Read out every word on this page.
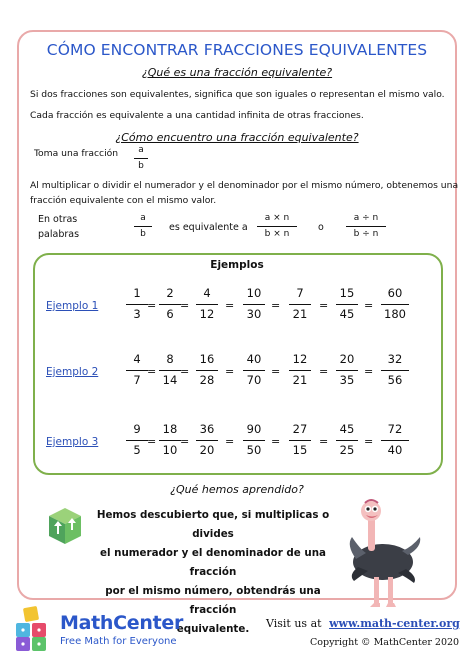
CÓMO ENCONTRAR FRACCIONES EQUIVALENTES
¿Qué es una fracción equivalente?
Si dos fracciones son equivalentes, significa que son iguales o representan el mismo valo.
Cada fracción es equivalente a una cantidad infinita de otras fracciones.
¿Cómo encuentro una fracción equivalente?
Toma una fracción a
b
Al multiplicar o dividir el numerador y el denominador por el mismo número, obtenemos una
fracción equivalente con el mismo valor.
En otras
palabras
a
b
es equivalente a
a × n
b × n
o
a ÷ n
b ÷ n
Ejemplos
Ejemplo 1
1
3
=
2
6
=
4
12
=
10
30
=
7
21
=
15
45
=
60
180
Ejemplo 2
4
7
=
8
14
=
16
28
=
40
70
=
12
21
=
20
35
=
32
56
Ejemplo 3
9
5
=
18
10
=
36
20
=
90
50
=
27
15
=
45
25
=
72
40
¿Qué hemos aprendido?
Hemos descubierto que, si multiplicas o divides
el numerador y el denominador de una fracción
por el mismo número, obtendrás una fracción
equivalente.
MathCenter
Free Math for Everyone
Visit us at www.math-center.org
Copyright © MathCenter 2020
